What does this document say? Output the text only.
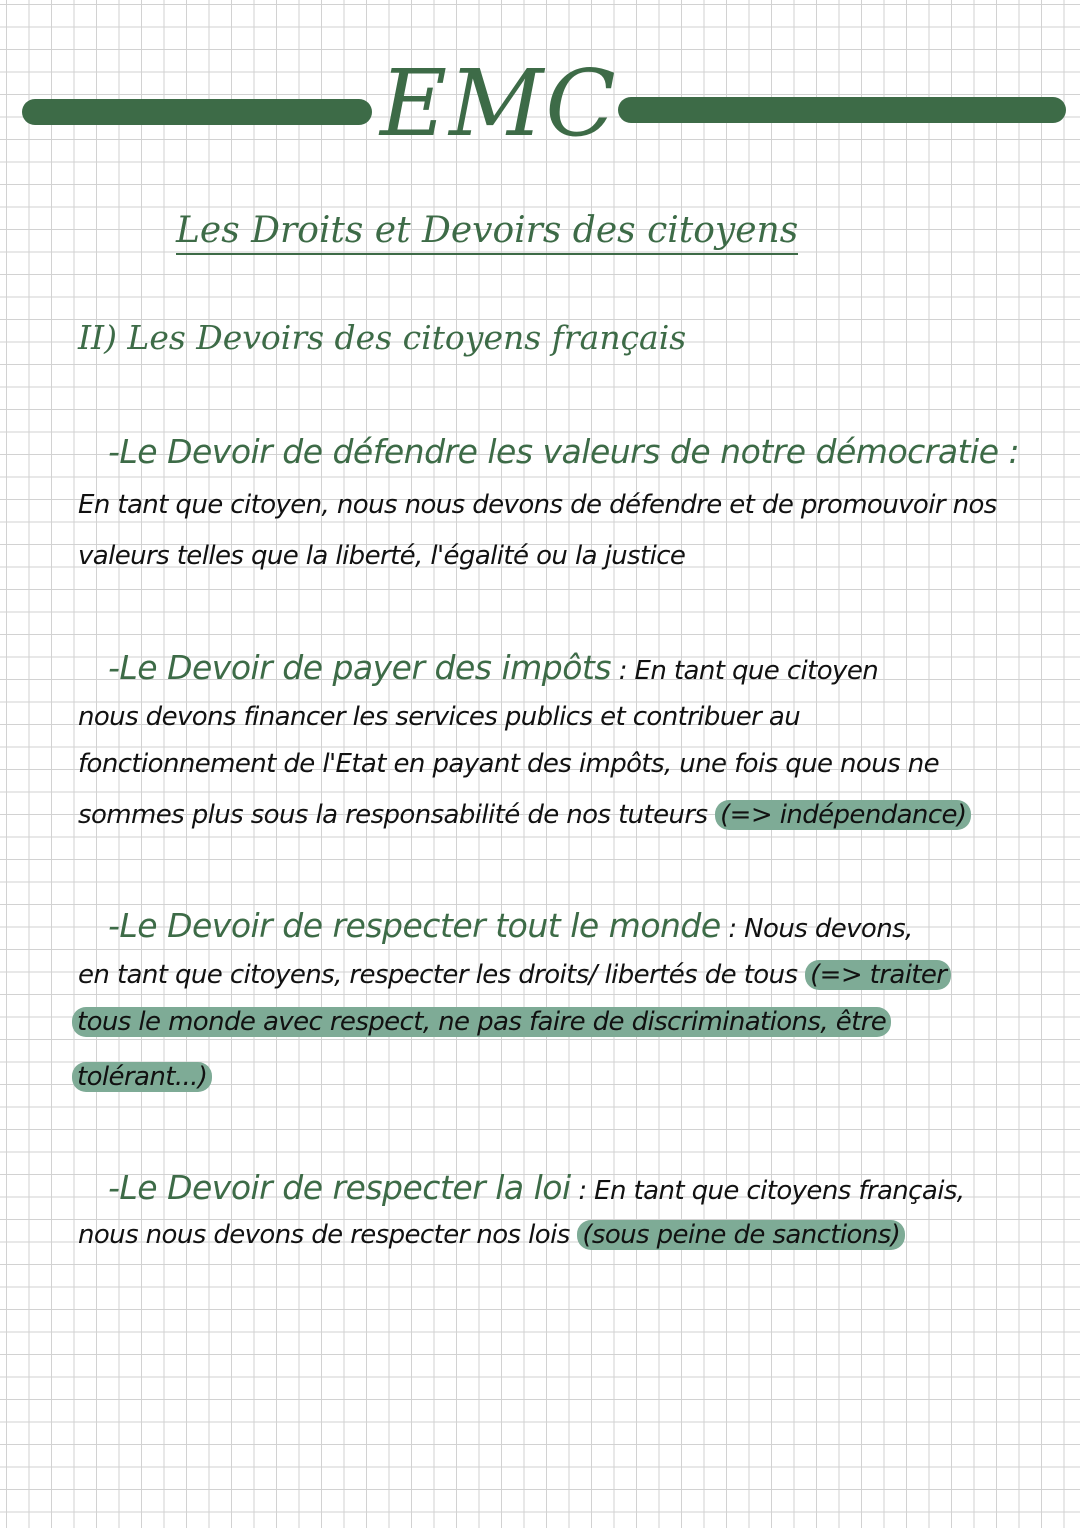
EMC
Les Droits et Devoirs des citoyens
II) Les Devoirs des citoyens français
-Le Devoir de défendre les valeurs de notre démocratie :
En tant que citoyen, nous nous devons de défendre et de promouvoir nos
valeurs telles que la liberté, l'égalité ou la justice
-Le Devoir de payer des impôts : En tant que citoyen
nous devons financer les services publics et contribuer au
fonctionnement de l'Etat en payant des impôts, une fois que nous ne
sommes plus sous la responsabilité de nos tuteurs (=> indépendance)
-Le Devoir de respecter tout le monde : Nous devons,
en tant que citoyens, respecter les droits/ libertés de tous (=> traiter
tous le monde avec respect, ne pas faire de discriminations, être
tolérant...)
-Le Devoir de respecter la loi : En tant que citoyens français,
nous nous devons de respecter nos lois (sous peine de sanctions)
